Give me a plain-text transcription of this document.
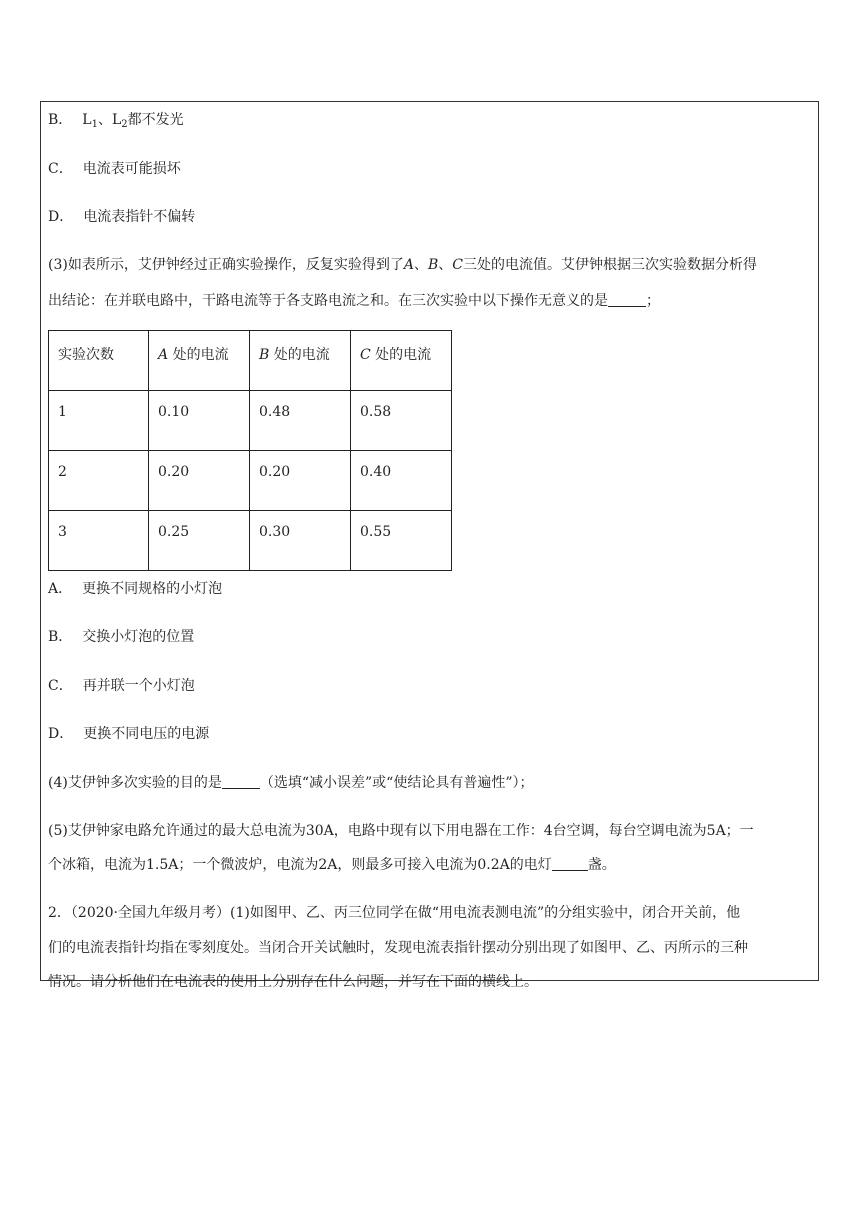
B． $L_1$、$L_2$都不发光
C． 电流表可能损坏
D． 电流表指针不偏转
(3)如表所示，艾伊钟经过正确实验操作，反复实验得到了A、B、C三处的电流值。艾伊钟根据三次实验数据分析得
出结论：在并联电路中，干路电流等于各支路电流之和。在三次实验中以下操作无意义的是	；
实验次数	A 处的电流	B 处的电流	C 处的电流
1	0.10	0.48	0.58
2	0.20	0.20	0.40
3	0.25	0.30	0.55
A． 更换不同规格的小灯泡
B． 交换小灯泡的位置
C． 再并联一个小灯泡
D． 更换不同电压的电源
(4)艾伊钟多次实验的目的是	（选填“减小误差”或“使结论具有普遍性”）；
(5)艾伊钟家电路允许通过的最大总电流为30A，电路中现有以下用电器在工作：4台空调，每台空调电流为5A；一
个冰箱，电流为1.5A；一个微波炉，电流为2A，则最多可接入电流为0.2A的电灯	盏。
2．（2020·全国九年级月考）(1)如图甲、乙、丙三位同学在做“用电流表测电流”的分组实验中，闭合开关前，他
们的电流表指针均指在零刻度处。当闭合开关试触时，发现电流表指针摆动分别出现了如图甲、乙、丙所示的三种
情况。请分析他们在电流表的使用上分别存在什么问题，并写在下面的横线上。
